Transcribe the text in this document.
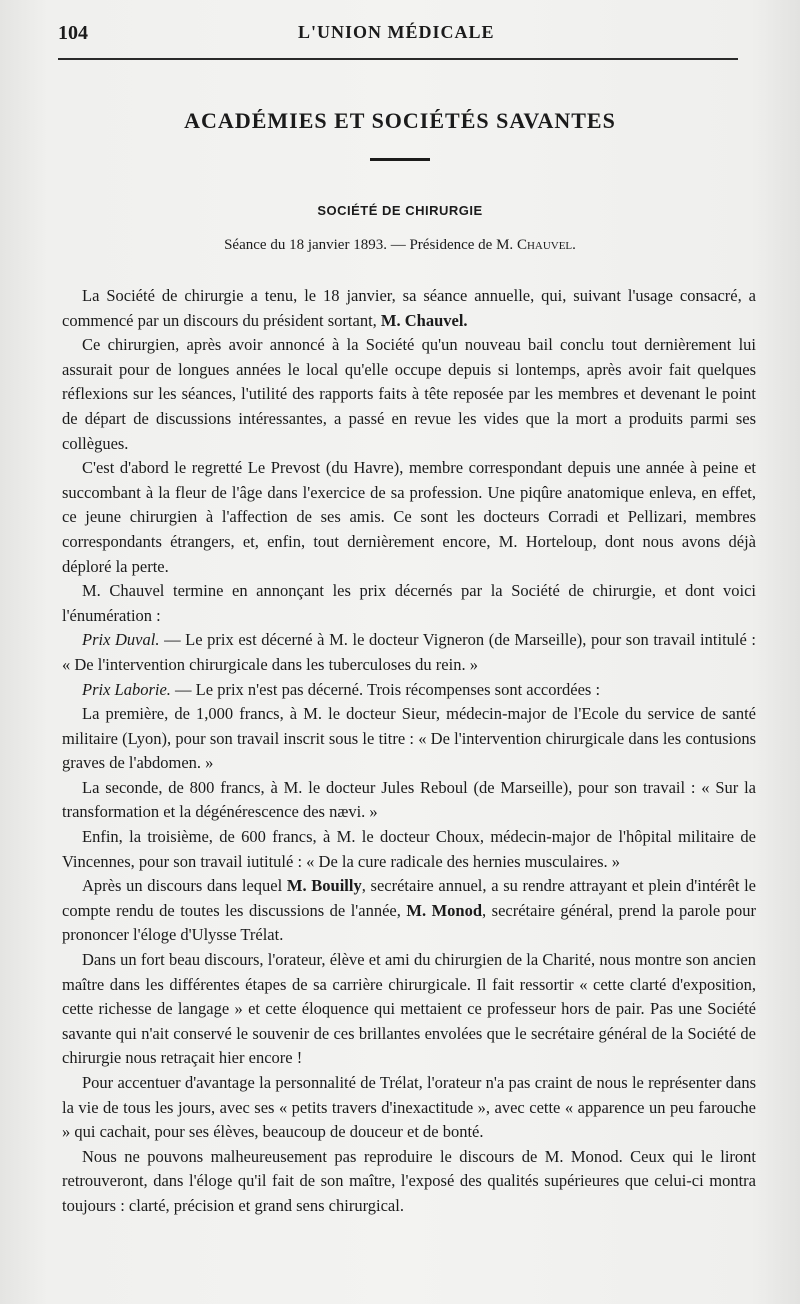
104	L'UNION MÉDICALE
ACADÉMIES ET SOCIÉTÉS SAVANTES
SOCIÉTÉ DE CHIRURGIE
Séance du 18 janvier 1893. — Présidence de M. Chauvel.

La Société de chirurgie a tenu, le 18 janvier, sa séance annuelle, qui, suivant l'usage consacré, a commencé par un discours du président sortant, M. Chauvel.

Ce chirurgien, après avoir annoncé à la Société qu'un nouveau bail conclu tout dernièrement lui assurait pour de longues années le local qu'elle occupe depuis si lontemps, après avoir fait quelques réflexions sur les séances, l'utilité des rapports faits à tête reposée par les membres et devenant le point de départ de discussions intéressantes, a passé en revue les vides que la mort a produits parmi ses collègues.

C'est d'abord le regretté Le Prevost (du Havre), membre correspondant depuis une année à peine et succombant à la fleur de l'âge dans l'exercice de sa profession. Une piqûre anatomique enleva, en effet, ce jeune chirurgien à l'affection de ses amis. Ce sont les docteurs Corradi et Pellizari, membres correspondants étrangers, et, enfin, tout dernièrement encore, M. Horteloup, dont nous avons déjà déploré la perte.

M. Chauvel termine en annonçant les prix décernés par la Société de chirurgie, et dont voici l'énumération :

Prix Duval. — Le prix est décerné à M. le docteur Vigneron (de Marseille), pour son travail intitulé : « De l'intervention chirurgicale dans les tuberculoses du rein. »

Prix Laborie. — Le prix n'est pas décerné. Trois récompenses sont accordées :

La première, de 1,000 francs, à M. le docteur Sieur, médecin-major de l'Ecole du service de santé militaire (Lyon), pour son travail inscrit sous le titre : « De l'intervention chirurgicale dans les contusions graves de l'abdomen. »

La seconde, de 800 francs, à M. le docteur Jules Reboul (de Marseille), pour son travail : « Sur la transformation et la dégénérescence des nævi. »

Enfin, la troisième, de 600 francs, à M. le docteur Choux, médecin-major de l'hôpital militaire de Vincennes, pour son travail iutitulé : « De la cure radicale des hernies musculaires. »

Après un discours dans lequel M. Bouilly, secrétaire annuel, a su rendre attrayant et plein d'intérêt le compte rendu de toutes les discussions de l'année, M. Monod, secrétaire général, prend la parole pour prononcer l'éloge d'Ulysse Trélat.

Dans un fort beau discours, l'orateur, élève et ami du chirurgien de la Charité, nous montre son ancien maître dans les différentes étapes de sa carrière chirurgicale. Il fait ressortir « cette clarté d'exposition, cette richesse de langage » et cette éloquence qui mettaient ce professeur hors de pair. Pas une Société savante qui n'ait conservé le souvenir de ces brillantes envolées que le secrétaire général de la Société de chirurgie nous retraçait hier encore !

Pour accentuer d'avantage la personnalité de Trélat, l'orateur n'a pas craint de nous le représenter dans la vie de tous les jours, avec ses « petits travers d'inexactitude », avec cette « apparence un peu farouche » qui cachait, pour ses élèves, beaucoup de douceur et de bonté.

Nous ne pouvons malheureusement pas reproduire le discours de M. Monod. Ceux qui le liront retrouveront, dans l'éloge qu'il fait de son maître, l'exposé des qualités supérieures que celui-ci montra toujours : clarté, précision et grand sens chirurgical.
